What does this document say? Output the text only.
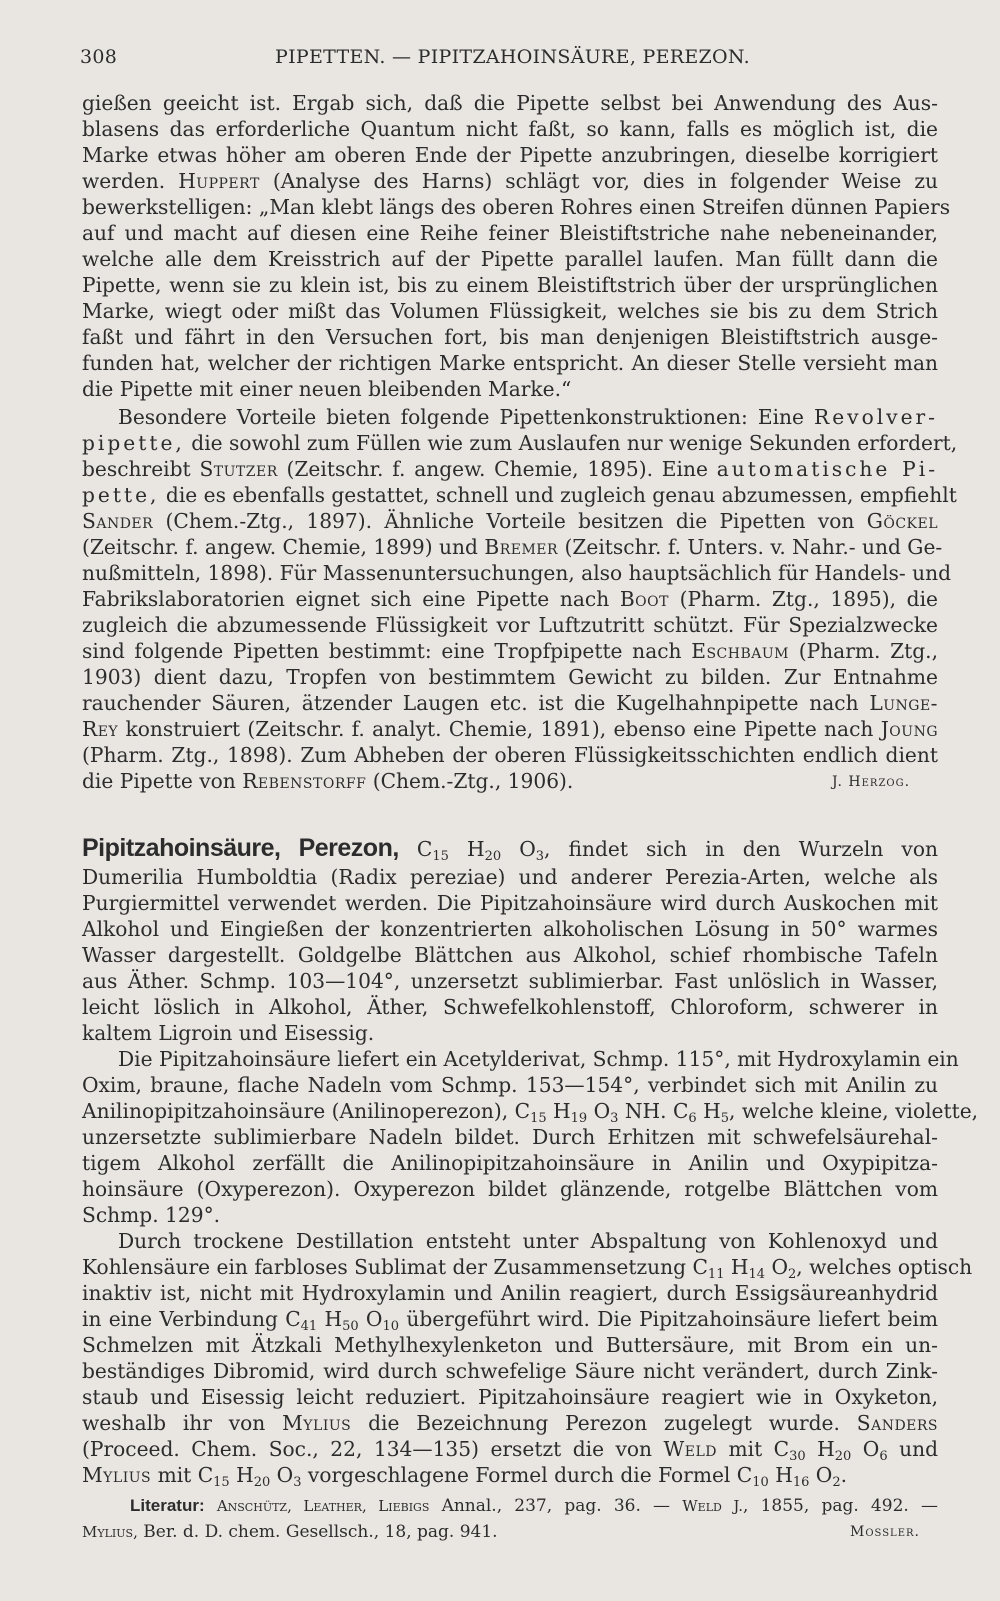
308	PIPETTEN. — PIPITZAHOINSÄURE, PEREZON.
gießen geeicht ist. Ergab sich, daß die Pipette selbst bei Anwendung des Aus-
blasens das erforderliche Quantum nicht faßt, so kann, falls es möglich ist, die
Marke etwas höher am oberen Ende der Pipette anzubringen, dieselbe korrigiert
werden. Huppert (Analyse des Harns) schlägt vor, dies in folgender Weise zu
bewerkstelligen: „Man klebt längs des oberen Rohres einen Streifen dünnen Papiers
auf und macht auf diesen eine Reihe feiner Bleistiftstriche nahe nebeneinander,
welche alle dem Kreisstrich auf der Pipette parallel laufen. Man füllt dann die
Pipette, wenn sie zu klein ist, bis zu einem Bleistiftstrich über der ursprünglichen
Marke, wiegt oder mißt das Volumen Flüssigkeit, welches sie bis zu dem Strich
faßt und fährt in den Versuchen fort, bis man denjenigen Bleistiftstrich ausge-
funden hat, welcher der richtigen Marke entspricht. An dieser Stelle versieht man
die Pipette mit einer neuen bleibenden Marke.“
Besondere Vorteile bieten folgende Pipettenkonstruktionen: Eine Revolver-
pipette, die sowohl zum Füllen wie zum Auslaufen nur wenige Sekunden erfordert,
beschreibt Stutzer (Zeitschr. f. angew. Chemie, 1895). Eine automatische Pi-
pette, die es ebenfalls gestattet, schnell und zugleich genau abzumessen, empfiehlt
Sander (Chem.-Ztg., 1897). Ähnliche Vorteile besitzen die Pipetten von Göckel
(Zeitschr. f. angew. Chemie, 1899) und Bremer (Zeitschr. f. Unters. v. Nahr.- und Ge-
nußmitteln, 1898). Für Massenuntersuchungen, also hauptsächlich für Handels- und
Fabrikslaboratorien eignet sich eine Pipette nach Boot (Pharm. Ztg., 1895), die
zugleich die abzumessende Flüssigkeit vor Luftzutritt schützt. Für Spezialzwecke
sind folgende Pipetten bestimmt: eine Tropfpipette nach Eschbaum (Pharm. Ztg.,
1903) dient dazu, Tropfen von bestimmtem Gewicht zu bilden. Zur Entnahme
rauchender Säuren, ätzender Laugen etc. ist die Kugelhahnpipette nach Lunge-
Rey konstruiert (Zeitschr. f. analyt. Chemie, 1891), ebenso eine Pipette nach Joung
(Pharm. Ztg., 1898). Zum Abheben der oberen Flüssigkeitsschichten endlich dient
die Pipette von Rebenstorff (Chem.-Ztg., 1906).	J. Herzog.
Pipitzahoinsäure, Perezon, $C_{15}$ $H_{20}$ $O_3$, findet sich in den Wurzeln von
Dumerilia Humboldtia (Radix pereziae) und anderer Perezia-Arten, welche als
Purgiermittel verwendet werden. Die Pipitzahoinsäure wird durch Auskochen mit
Alkohol und Eingießen der konzentrierten alkoholischen Lösung in 50° warmes
Wasser dargestellt. Goldgelbe Blättchen aus Alkohol, schief rhombische Tafeln
aus Äther. Schmp. 103—104°, unzersetzt sublimierbar. Fast unlöslich in Wasser,
leicht löslich in Alkohol, Äther, Schwefelkohlenstoff, Chloroform, schwerer in
kaltem Ligroin und Eisessig.
Die Pipitzahoinsäure liefert ein Acetylderivat, Schmp. 115°, mit Hydroxylamin ein
Oxim, braune, flache Nadeln vom Schmp. 153—154°, verbindet sich mit Anilin zu
Anilinopipitzahoinsäure (Anilinoperezon), $C_{15}$ $H_{19}$ $O_3$ NH. $C_6$ $H_5$, welche kleine, violette,
unzersetzte sublimierbare Nadeln bildet. Durch Erhitzen mit schwefelsäurehal-
tigem Alkohol zerfällt die Anilinopipitzahoinsäure in Anilin und Oxypipitza-
hoinsäure (Oxyperezon). Oxyperezon bildet glänzende, rotgelbe Blättchen vom
Schmp. 129°.
Durch trockene Destillation entsteht unter Abspaltung von Kohlenoxyd und
Kohlensäure ein farbloses Sublimat der Zusammensetzung $C_{11}$ $H_{14}$ $O_2$, welches optisch
inaktiv ist, nicht mit Hydroxylamin und Anilin reagiert, durch Essigsäureanhydrid
in eine Verbindung $C_{41}$ $H_{50}$ $O_{10}$ übergeführt wird. Die Pipitzahoinsäure liefert beim
Schmelzen mit Ätzkali Methylhexylenketon und Buttersäure, mit Brom ein un-
beständiges Dibromid, wird durch schwefelige Säure nicht verändert, durch Zink-
staub und Eisessig leicht reduziert. Pipitzahoinsäure reagiert wie in Oxyketon,
weshalb ihr von Mylius die Bezeichnung Perezon zugelegt wurde. Sanders
(Proceed. Chem. Soc., 22, 134—135) ersetzt die von Weld mit $C_{30}$ $H_{20}$ $O_6$ und
Mylius mit $C_{15}$ $H_{20}$ $O_3$ vorgeschlagene Formel durch die Formel $C_{10}$ $H_{16}$ $O_2$.
Literatur: Anschütz, Leather, Liebigs Annal., 237, pag. 36. — Weld J., 1855, pag. 492. —
Mylius, Ber. d. D. chem. Gesellsch., 18, pag. 941.	Mossler.
